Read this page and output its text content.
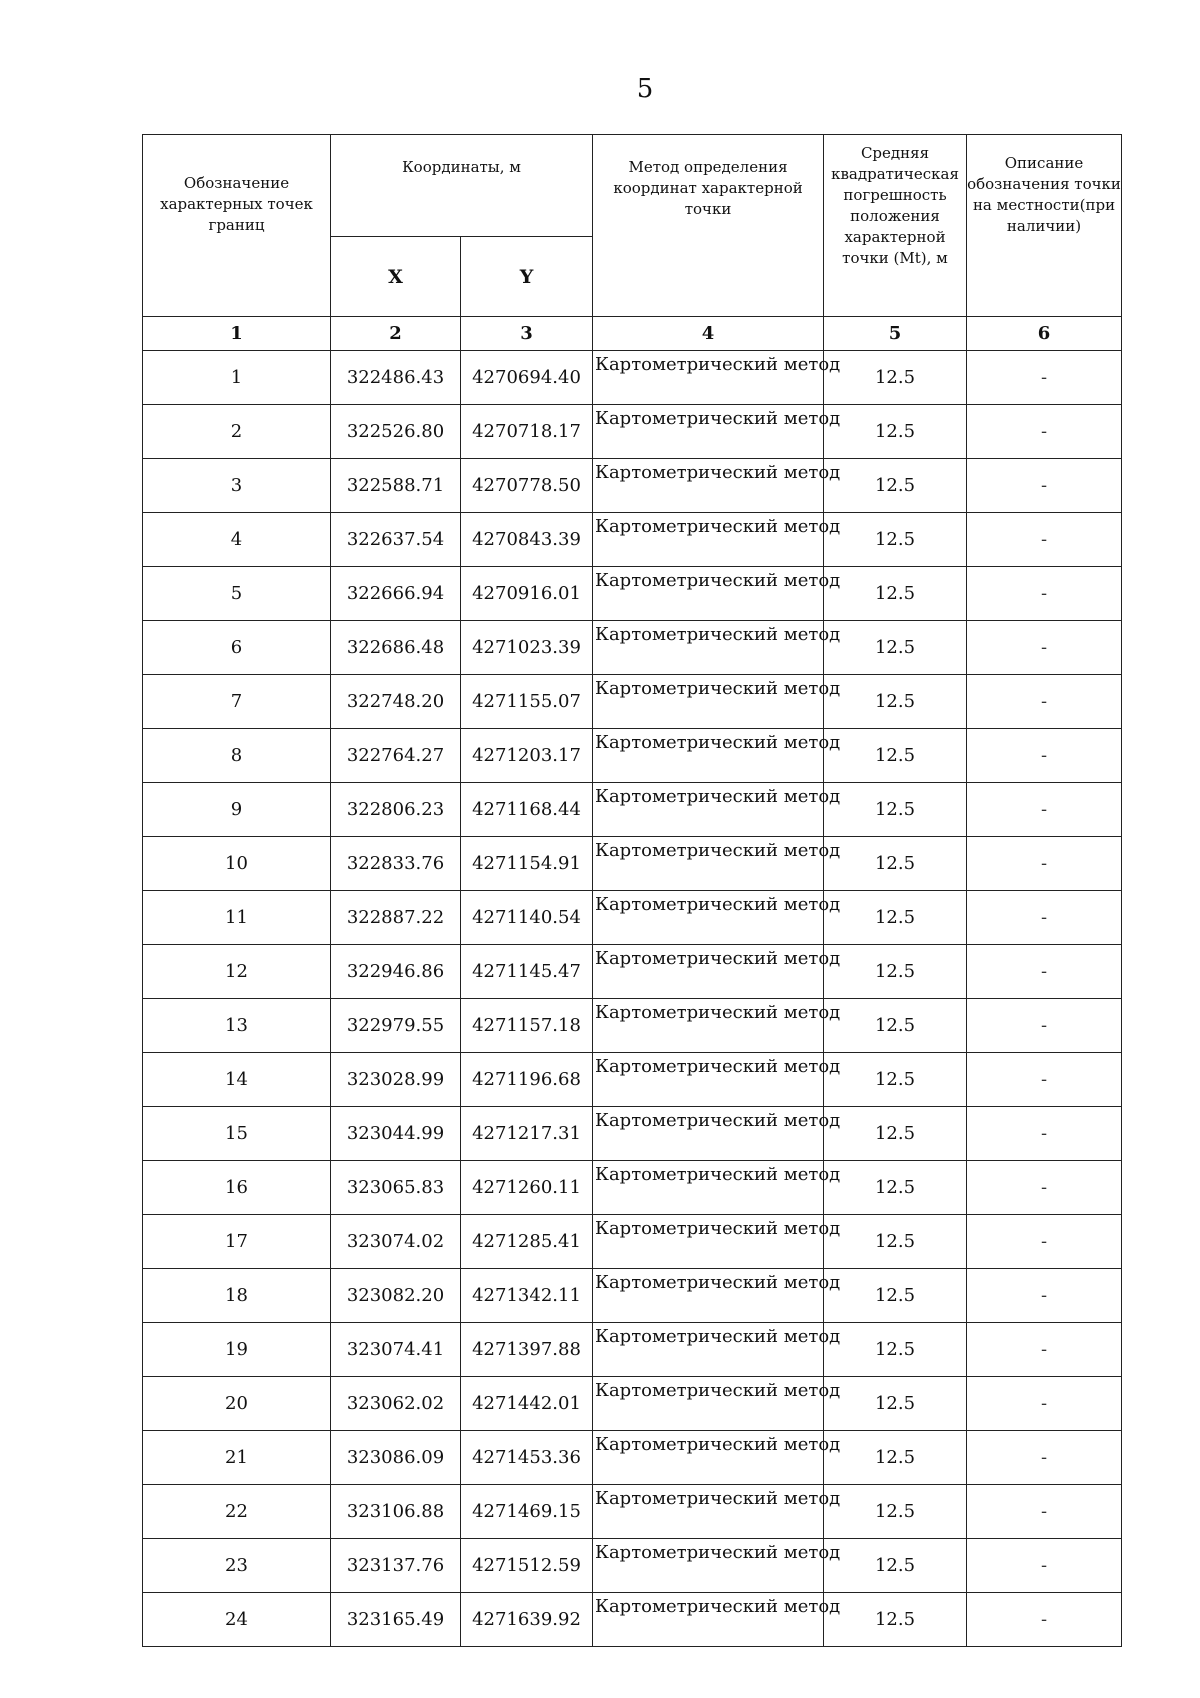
5
Обозначение характерных точек границ	Координаты, м		Метод определения координат характерной точки	Средняя квадратическая погрешность положения характерной точки (Mt), м	Описание обозначения точки на местности(при наличии)
	X	Y			
1	2	3	4	5	6
1	322486.43	4270694.40	Картометрический метод	12.5	-
2	322526.80	4270718.17	Картометрический метод	12.5	-
3	322588.71	4270778.50	Картометрический метод	12.5	-
4	322637.54	4270843.39	Картометрический метод	12.5	-
5	322666.94	4270916.01	Картометрический метод	12.5	-
6	322686.48	4271023.39	Картометрический метод	12.5	-
7	322748.20	4271155.07	Картометрический метод	12.5	-
8	322764.27	4271203.17	Картометрический метод	12.5	-
9	322806.23	4271168.44	Картометрический метод	12.5	-
10	322833.76	4271154.91	Картометрический метод	12.5	-
11	322887.22	4271140.54	Картометрический метод	12.5	-
12	322946.86	4271145.47	Картометрический метод	12.5	-
13	322979.55	4271157.18	Картометрический метод	12.5	-
14	323028.99	4271196.68	Картометрический метод	12.5	-
15	323044.99	4271217.31	Картометрический метод	12.5	-
16	323065.83	4271260.11	Картометрический метод	12.5	-
17	323074.02	4271285.41	Картометрический метод	12.5	-
18	323082.20	4271342.11	Картометрический метод	12.5	-
19	323074.41	4271397.88	Картометрический метод	12.5	-
20	323062.02	4271442.01	Картометрический метод	12.5	-
21	323086.09	4271453.36	Картометрический метод	12.5	-
22	323106.88	4271469.15	Картометрический метод	12.5	-
23	323137.76	4271512.59	Картометрический метод	12.5	-
24	323165.49	4271639.92	Картометрический метод	12.5	-
